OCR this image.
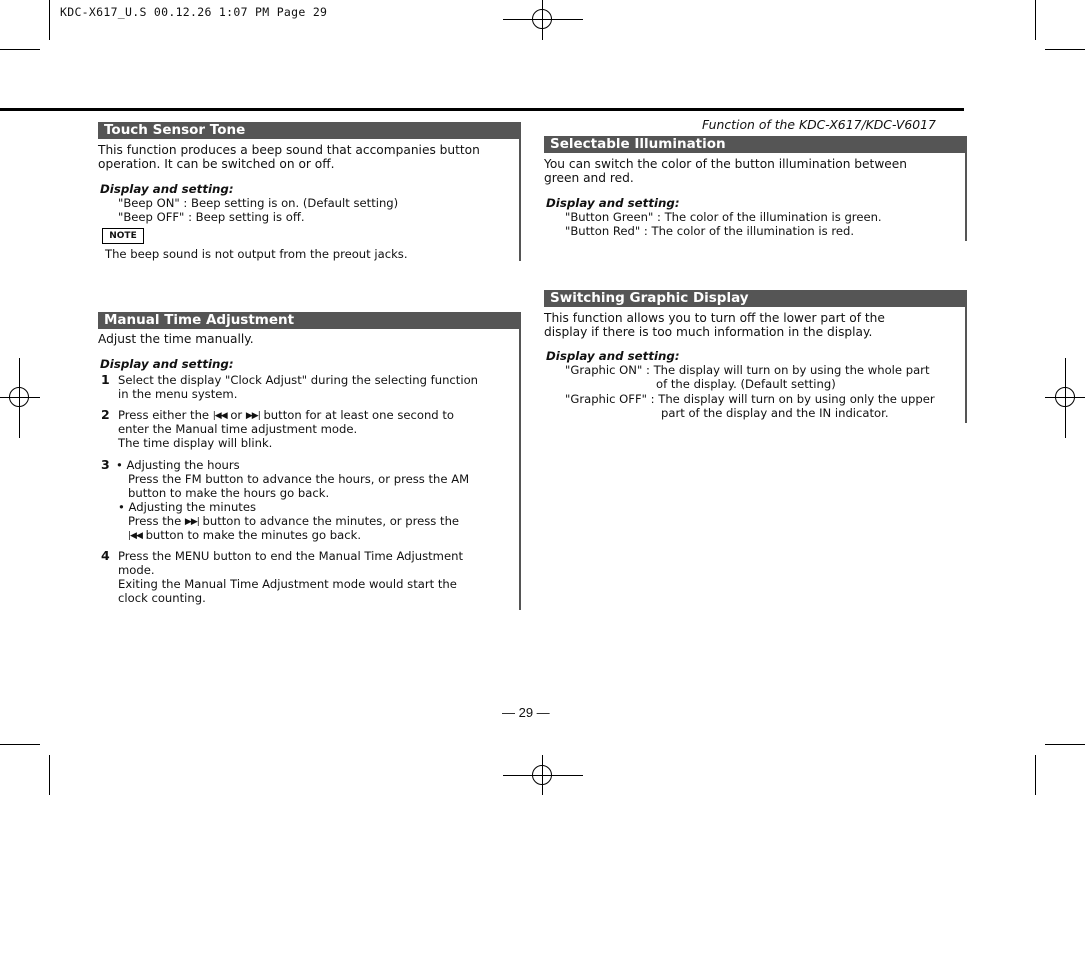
KDC-X617_U.S 00.12.26 1:07 PM Page 29
Function of the KDC-X617/KDC-V6017
Touch Sensor Tone
This function produces a beep sound that accompanies button
operation. It can be switched on or off.
Display and setting:
"Beep ON" : Beep setting is on. (Default setting)
"Beep OFF" : Beep setting is off.
NOTE
The beep sound is not output from the preout jacks.
Manual Time Adjustment
Adjust the time manually.
Display and setting:
1 Select the display "Clock Adjust" during the selecting function
in the menu system.
2 Press either the |◀◀ or ▶▶| button for at least one second to
enter the Manual time adjustment mode.
The time display will blink.
3 • Adjusting the hours
Press the FM button to advance the hours, or press the AM
button to make the hours go back.
• Adjusting the minutes
Press the ▶▶| button to advance the minutes, or press the
|◀◀ button to make the minutes go back.
4 Press the MENU button to end the Manual Time Adjustment
mode.
Exiting the Manual Time Adjustment mode would start the
clock counting.
Selectable Illumination
You can switch the color of the button illumination between
green and red.
Display and setting:
"Button Green" : The color of the illumination is green.
"Button Red" : The color of the illumination is red.
Switching Graphic Display
This function allows you to turn off the lower part of the
display if there is too much information in the display.
Display and setting:
"Graphic ON" : The display will turn on by using the whole part
of the display. (Default setting)
"Graphic OFF" : The display will turn on by using only the upper
part of the display and the IN indicator.
— 29 —
